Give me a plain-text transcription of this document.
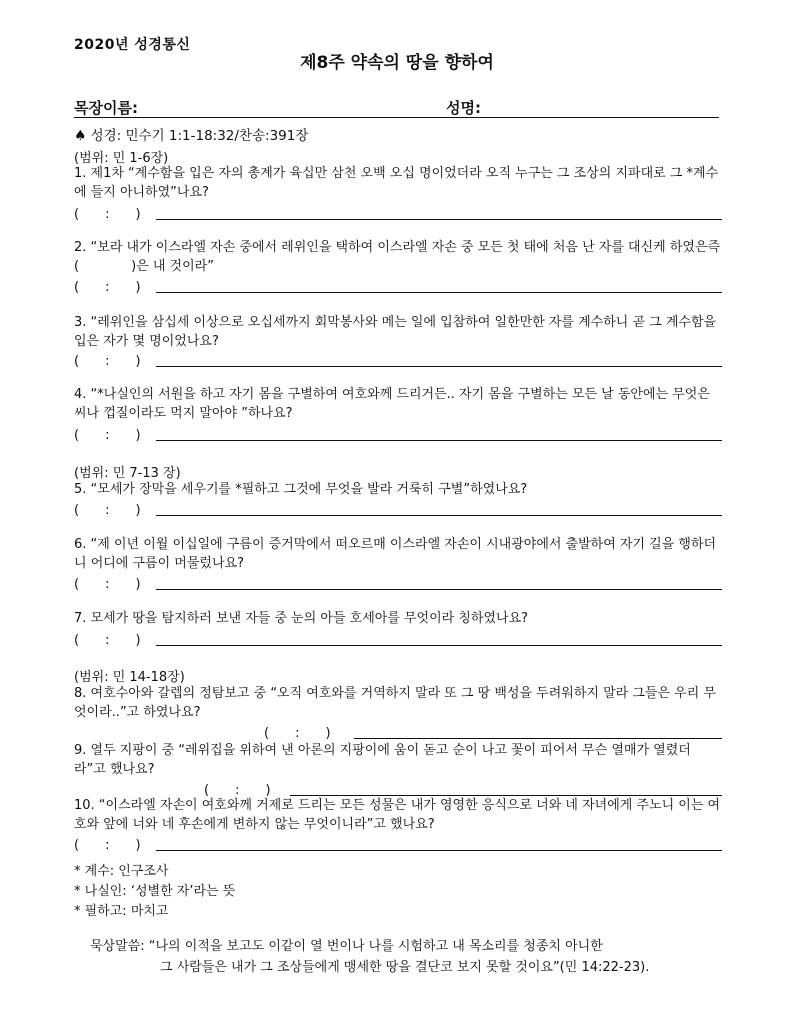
2020년 성경통신
제8주 약속의 땅을 향하여
목장이름:	성명:
♠ 성경: 민수기 1:1-18:32/찬송:391장
(범위: 민 1-6장)
1. 제1차 “계수함을 입은 자의 총계가 육십만 삼천 오백 오십 명이었더라 오직 누구는 그 조상의 지파대로 그 *계수에 들지 아니하였”나요?
(　　:　　)
2. “보라 내가 이스라엘 자손 중에서 레위인을 택하여 이스라엘 자손 중 모든 첫 태에 처음 난 자를 대신케 하였은즉 (　　　　)은 내 것이라”
(　　:　　)
3. “레위인을 삼십세 이상으로 오십세까지 회막봉사와 메는 일에 입참하여 일한만한 자를 계수하니 곧 그 계수함을 입은 자가 몇 명이었나요?
(　　:　　)
4. “*나실인의 서원을 하고 자기 몸을 구별하여 여호와께 드리거든.. 자기 몸을 구별하는 모든 날 동안에는 무엇은 씨나 껍질이라도 먹지 말아야 ”하나요?
(　　:　　)
(범위: 민 7-13 장)
5. “모세가 장막을 세우기를 *필하고 그것에 무엇을 발라 거룩히 구별”하였나요?
(　　:　　)
6. “제 이년 이월 이십일에 구름이 증거막에서 떠오르매 이스라엘 자손이 시내광야에서 출발하여 자기 길을 행하더니 어디에 구름이 머물렀나요?
(　　:　　)
7. 모세가 땅을 탐지하러 보낸 자들 중 눈의 아들 호세아를 무엇이라 칭하였나요?
(　　:　　)
(범위: 민 14-18장)
8. 여호수아와 갈렙의 정탐보고 중 “오직 여호와를 거역하지 말라 또 그 땅 백성을 두려워하지 말라 그들은 우리 무엇이라..”고 하였나요?
(　　:　　)
9. 열두 지팡이 중 “레위집을 위하여 낸 아론의 지팡이에 움이 돋고 순이 나고 꽃이 피어서 무슨 열매가 열렸더라”고 했나요?
(　　:　　)
10. “이스라엘 자손이 여호와께 거제로 드리는 모든 성물은 내가 영영한 응식으로 너와 네 자녀에게 주노니 이는 여호와 앞에 너와 네 후손에게 변하지 않는 무엇이니라”고 했나요?
(　　:　　)
* 계수: 인구조사
* 나실인: ‘성별한 자’라는 뜻
* 필하고: 마치고
묵상말씀: “나의 이적을 보고도 이같이 열 번이나 나를 시험하고 내 목소리를 청종치 아니한
그 사람들은 내가 그 조상들에게 맹세한 땅을 결단코 보지 못할 것이요”(민 14:22-23).
